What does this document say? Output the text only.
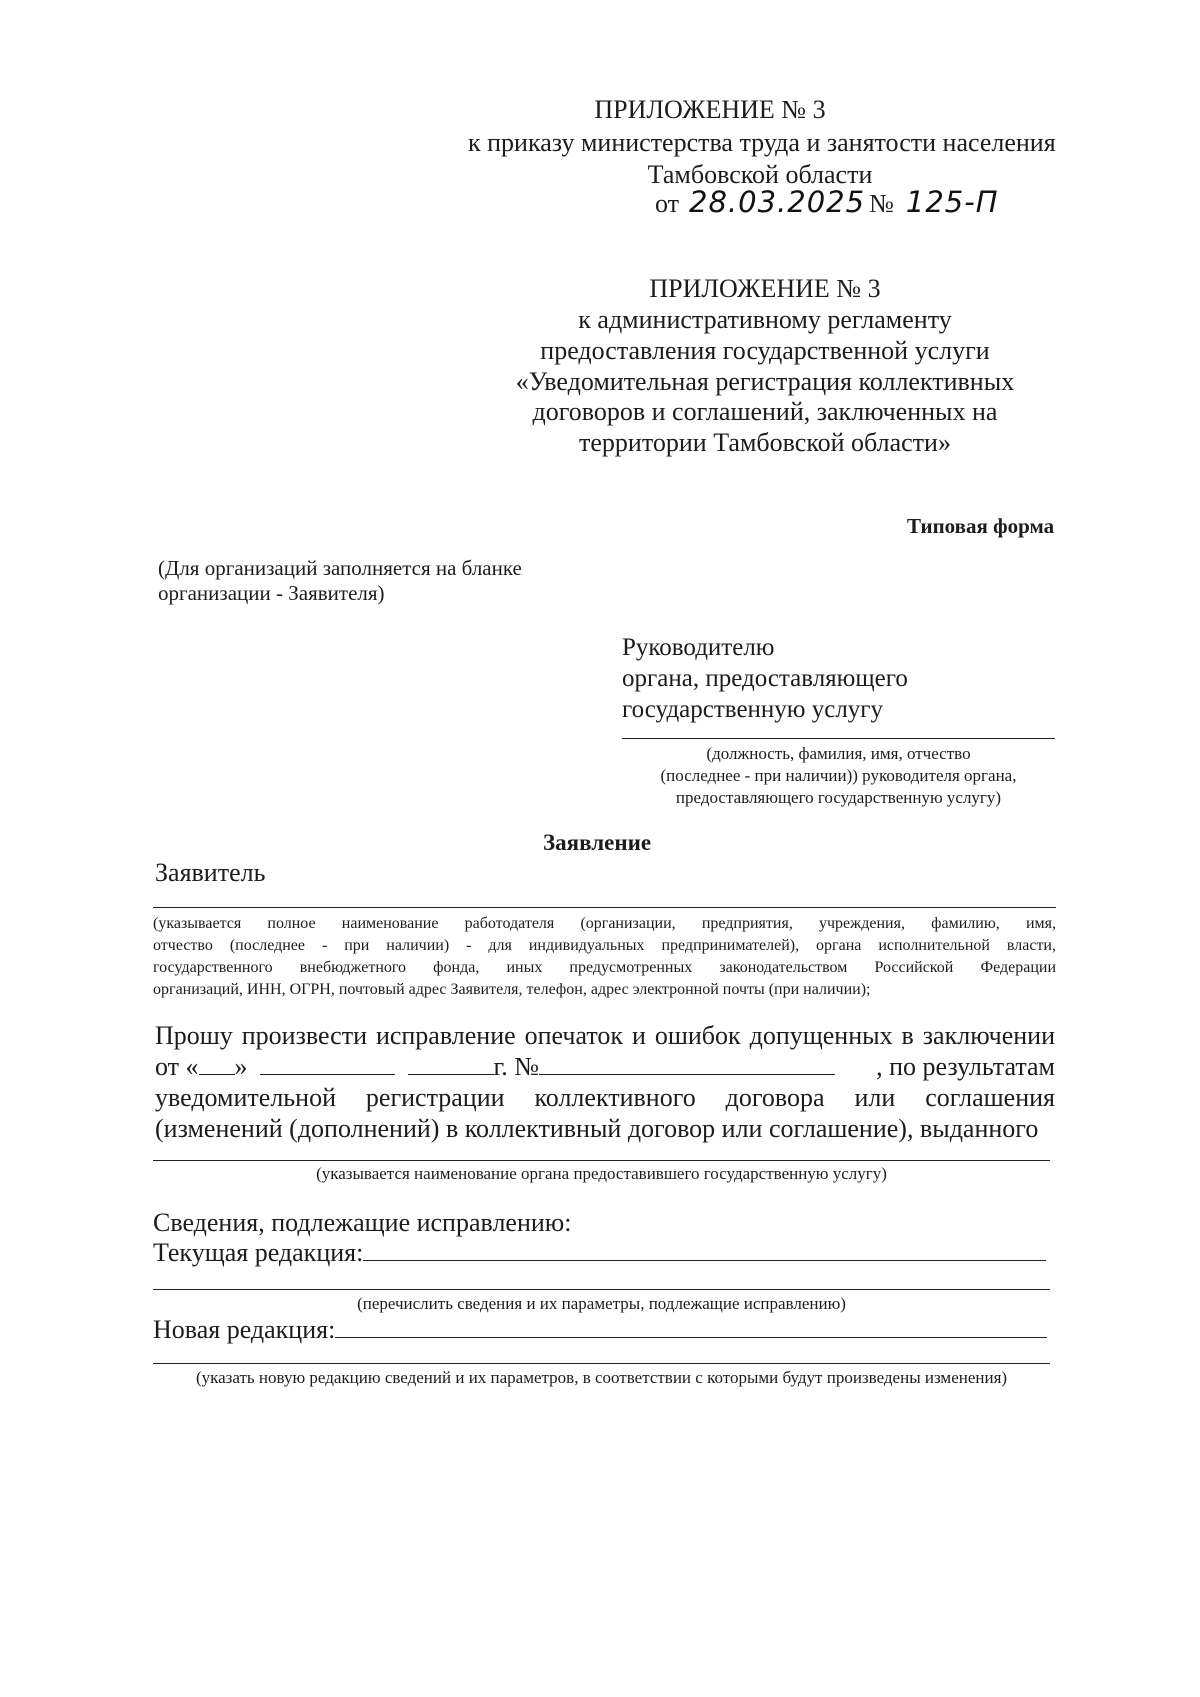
ПРИЛОЖЕНИЕ № 3
к приказу министерства труда и занятости населения
Тамбовской области
от 28.03.2025 № 125-П
ПРИЛОЖЕНИЕ № 3
к административному регламенту
предоставления государственной услуги
«Уведомительная регистрация коллективных
договоров и соглашений, заключенных на
территории Тамбовской области»
Типовая форма
(Для организаций заполняется на бланке
организации - Заявителя)
Руководителю
органа, предоставляющего
государственную услугу
(должность, фамилия, имя, отчество
(последнее - при наличии)) руководителя органа,
предоставляющего государственную услугу)
Заявление
Заявитель
(указывается полное наименование работодателя (организации, предприятия, учреждения, фамилию, имя,
отчество (последнее - при наличии) - для индивидуальных предпринимателей), органа исполнительной власти,
государственного внебюджетного фонда, иных предусмотренных законодательством Российской Федерации
организаций, ИНН, ОГРН, почтовый адрес Заявителя, телефон, адрес электронной почты (при наличии);
Прошу произвести исправление опечаток и ошибок допущенных в заключении
от « »	г. №	, по результатам
уведомительной регистрации коллективного договора или соглашения
(изменений (дополнений) в коллективный договор или соглашение), выданного
(указывается наименование органа предоставившего государственную услугу)
Сведения, подлежащие исправлению:
Текущая редакция:
(перечислить сведения и их параметры, подлежащие исправлению)
Новая редакция:
(указать новую редакцию сведений и их параметров, в соответствии с которыми будут произведены изменения)
